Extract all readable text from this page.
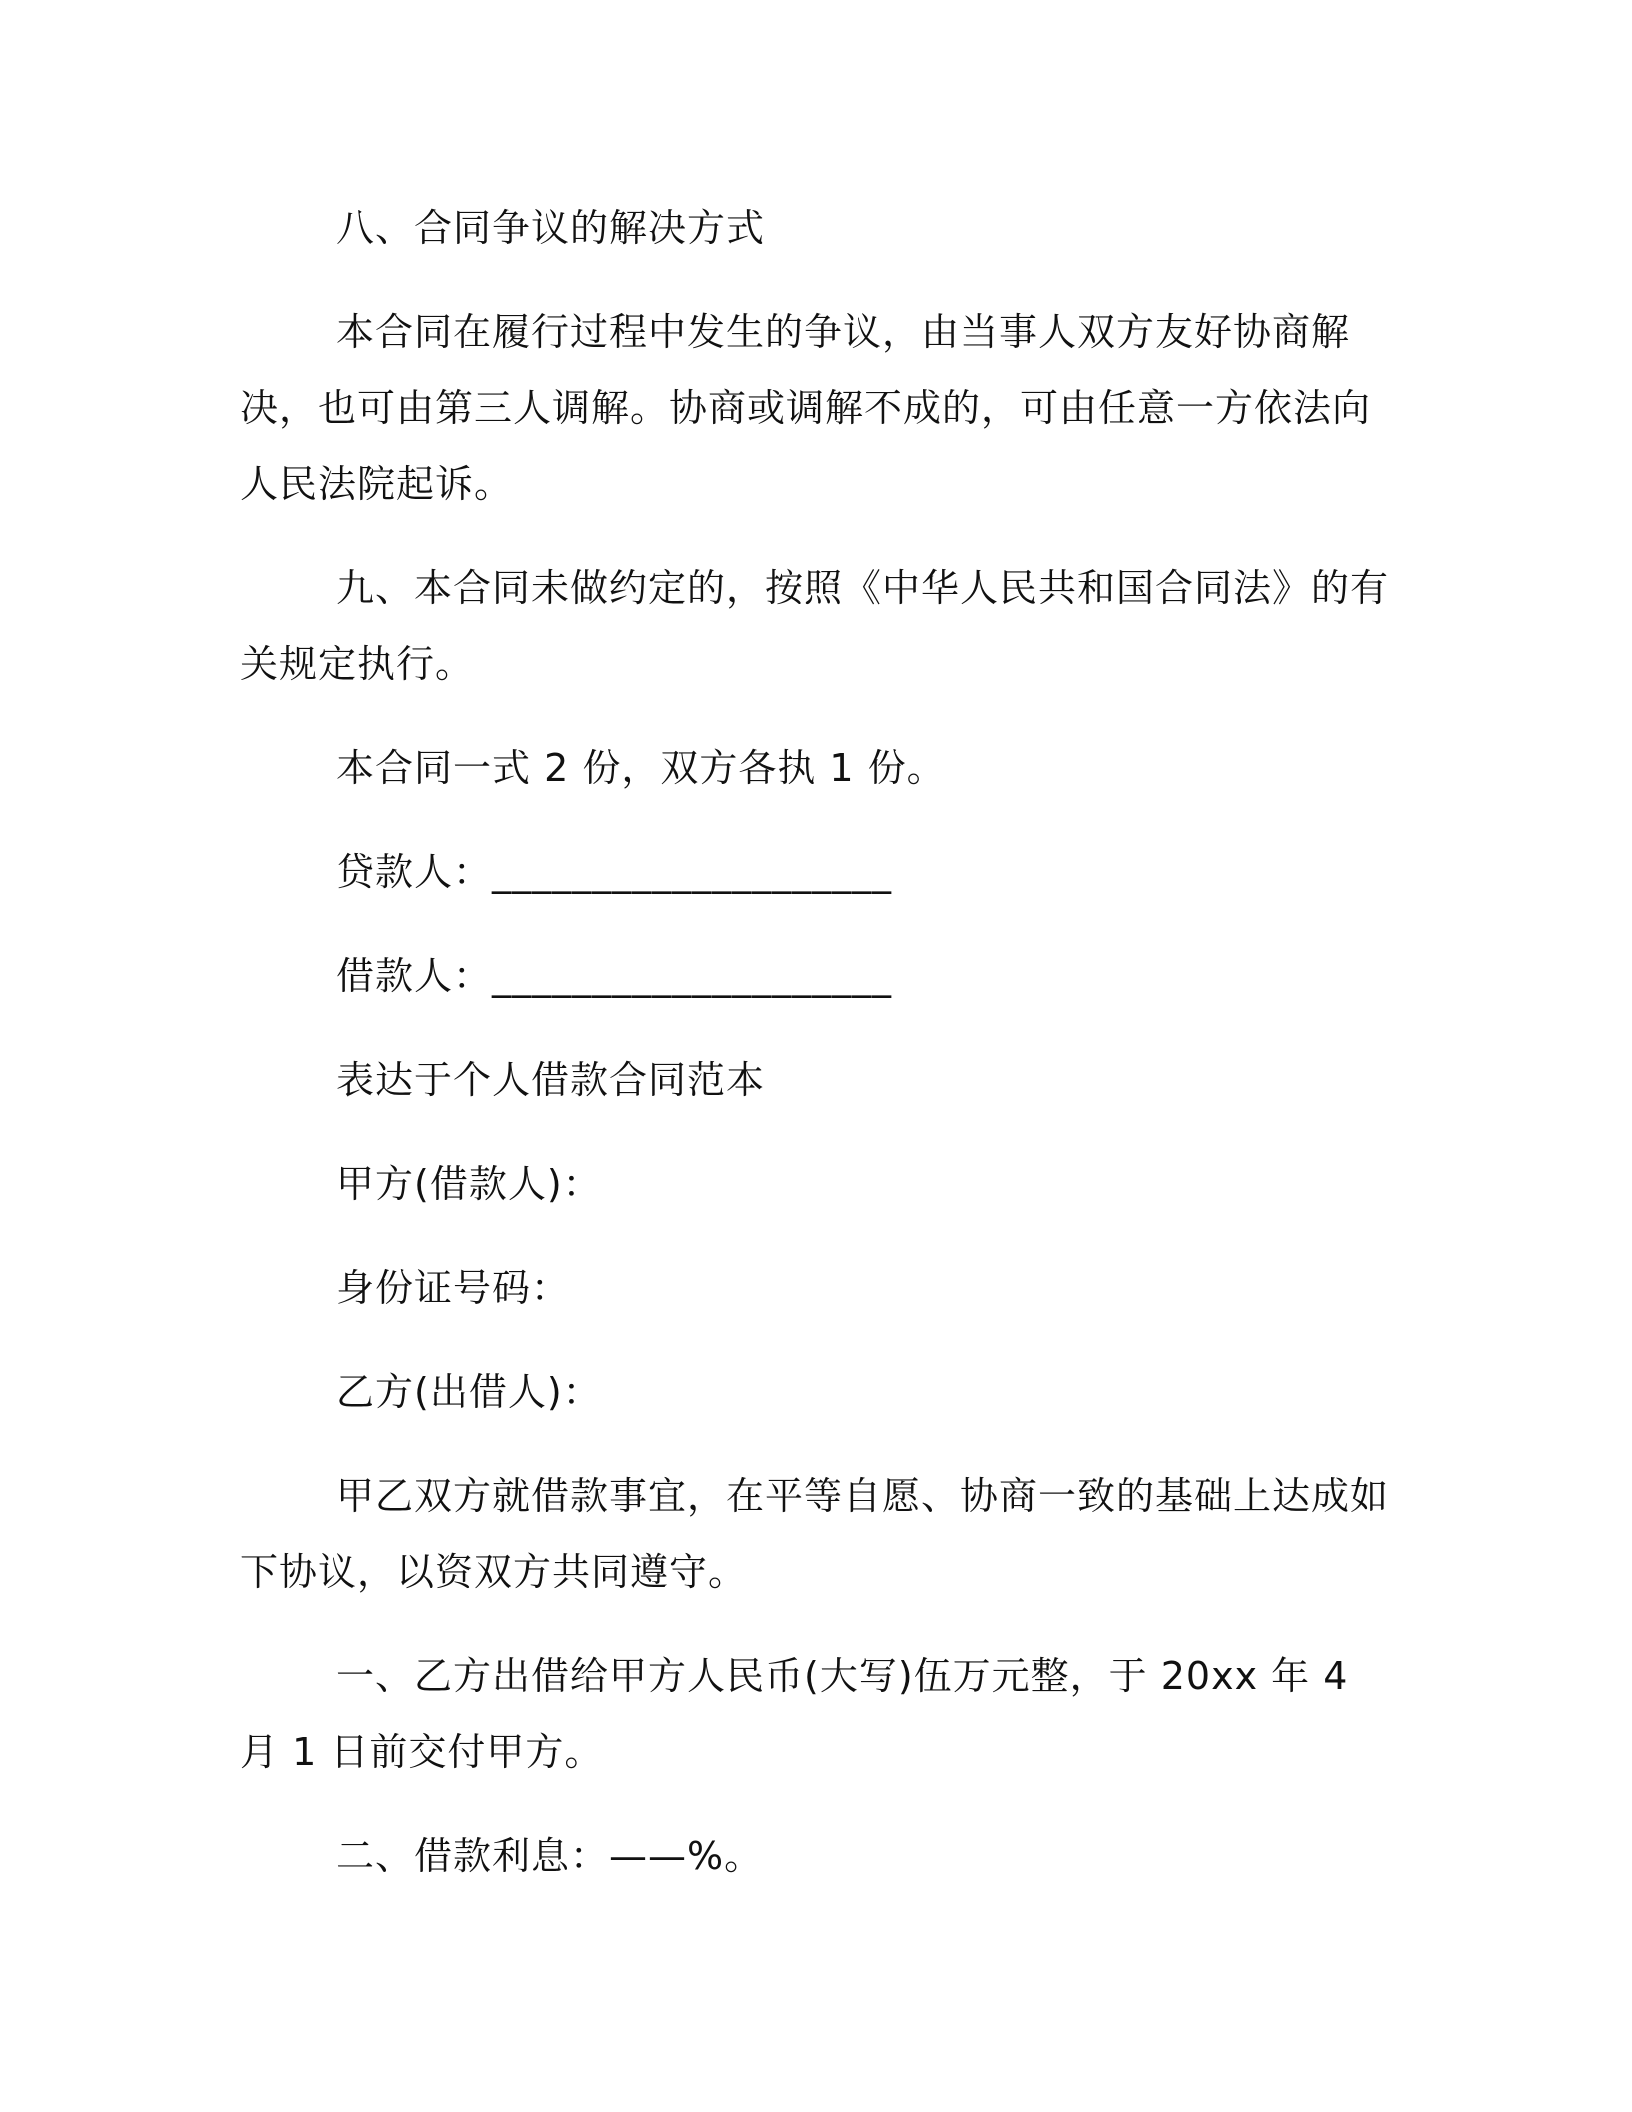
八、合同争议的解决方式

本合同在履行过程中发生的争议，由当事人双方友好协商解决，也可由第三人调解。协商或调解不成的，可由任意一方依法向人民法院起诉。

九、本合同未做约定的，按照《中华人民共和国合同法》的有关规定执行。

本合同一式 2 份，双方各执 1 份。

贷款人：____________________

借款人：____________________

表达于个人借款合同范本

甲方(借款人)：

身份证号码：

乙方(出借人)：

甲乙双方就借款事宜，在平等自愿、协商一致的基础上达成如下协议，以资双方共同遵守。

一、乙方出借给甲方人民币(大写)伍万元整，于 20xx 年 4 月 1 日前交付甲方。

二、借款利息：——%。
